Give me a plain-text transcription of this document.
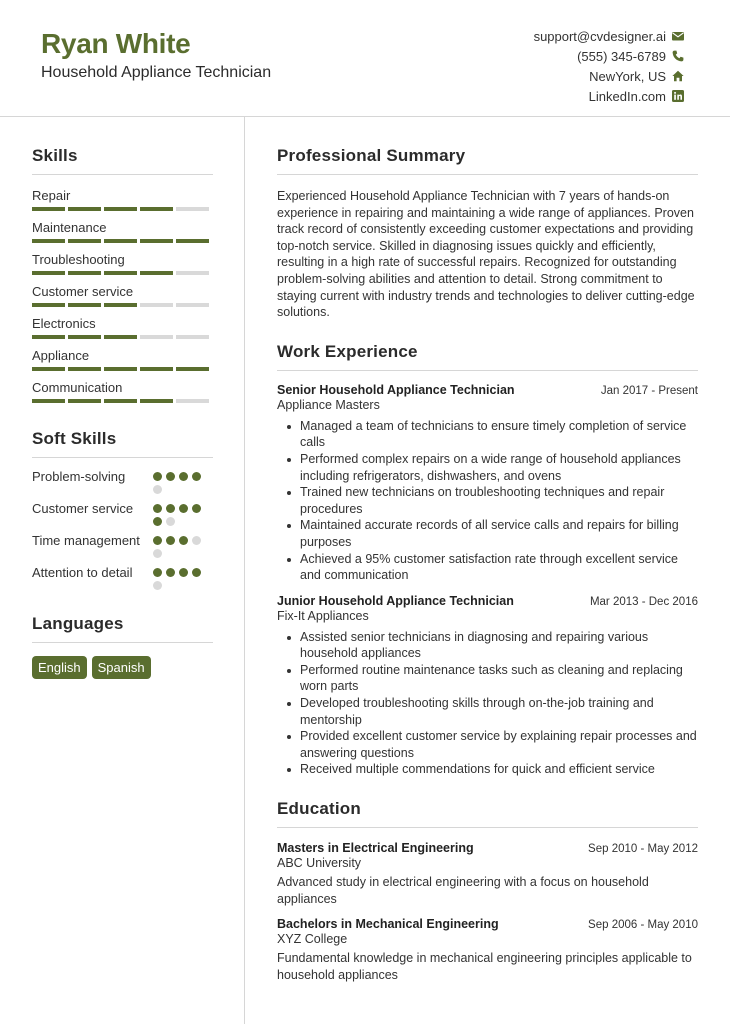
Ryan White
Household Appliance Technician
support@cvdesigner.ai
(555) 345-6789
NewYork, US
LinkedIn.com
Skills
Repair
Maintenance
Troubleshooting
Customer service
Electronics
Appliance
Communication
Soft Skills
Problem-solving
Customer service
Time management
Attention to detail
Languages
English	Spanish
Professional Summary

Experienced Household Appliance Technician with 7 years of hands-on experience in repairing and maintaining a wide range of appliances. Proven track record of consistently exceeding customer expectations and providing top-notch service. Skilled in diagnosing issues quickly and efficiently, resulting in a high rate of successful repairs. Recognized for outstanding problem-solving abilities and attention to detail. Strong commitment to staying current with industry trends and technologies to deliver cutting-edge solutions.

Work Experience
Senior Household Appliance Technician	Jan 2017 - Present
Appliance Masters
Managed a team of technicians to ensure timely completion of service calls
Performed complex repairs on a wide range of household appliances including refrigerators, dishwashers, and ovens
Trained new technicians on troubleshooting techniques and repair procedures
Maintained accurate records of all service calls and repairs for billing purposes
Achieved a 95% customer satisfaction rate through excellent service and communication
Junior Household Appliance Technician	Mar 2013 - Dec 2016
Fix-It Appliances
Assisted senior technicians in diagnosing and repairing various household appliances
Performed routine maintenance tasks such as cleaning and replacing worn parts
Developed troubleshooting skills through on-the-job training and mentorship
Provided excellent customer service by explaining repair processes and answering questions
Received multiple commendations for quick and efficient service
Education
Masters in Electrical Engineering	Sep 2010 - May 2012
ABC University
Advanced study in electrical engineering with a focus on household appliances
Bachelors in Mechanical Engineering	Sep 2006 - May 2010
XYZ College
Fundamental knowledge in mechanical engineering principles applicable to household appliances
